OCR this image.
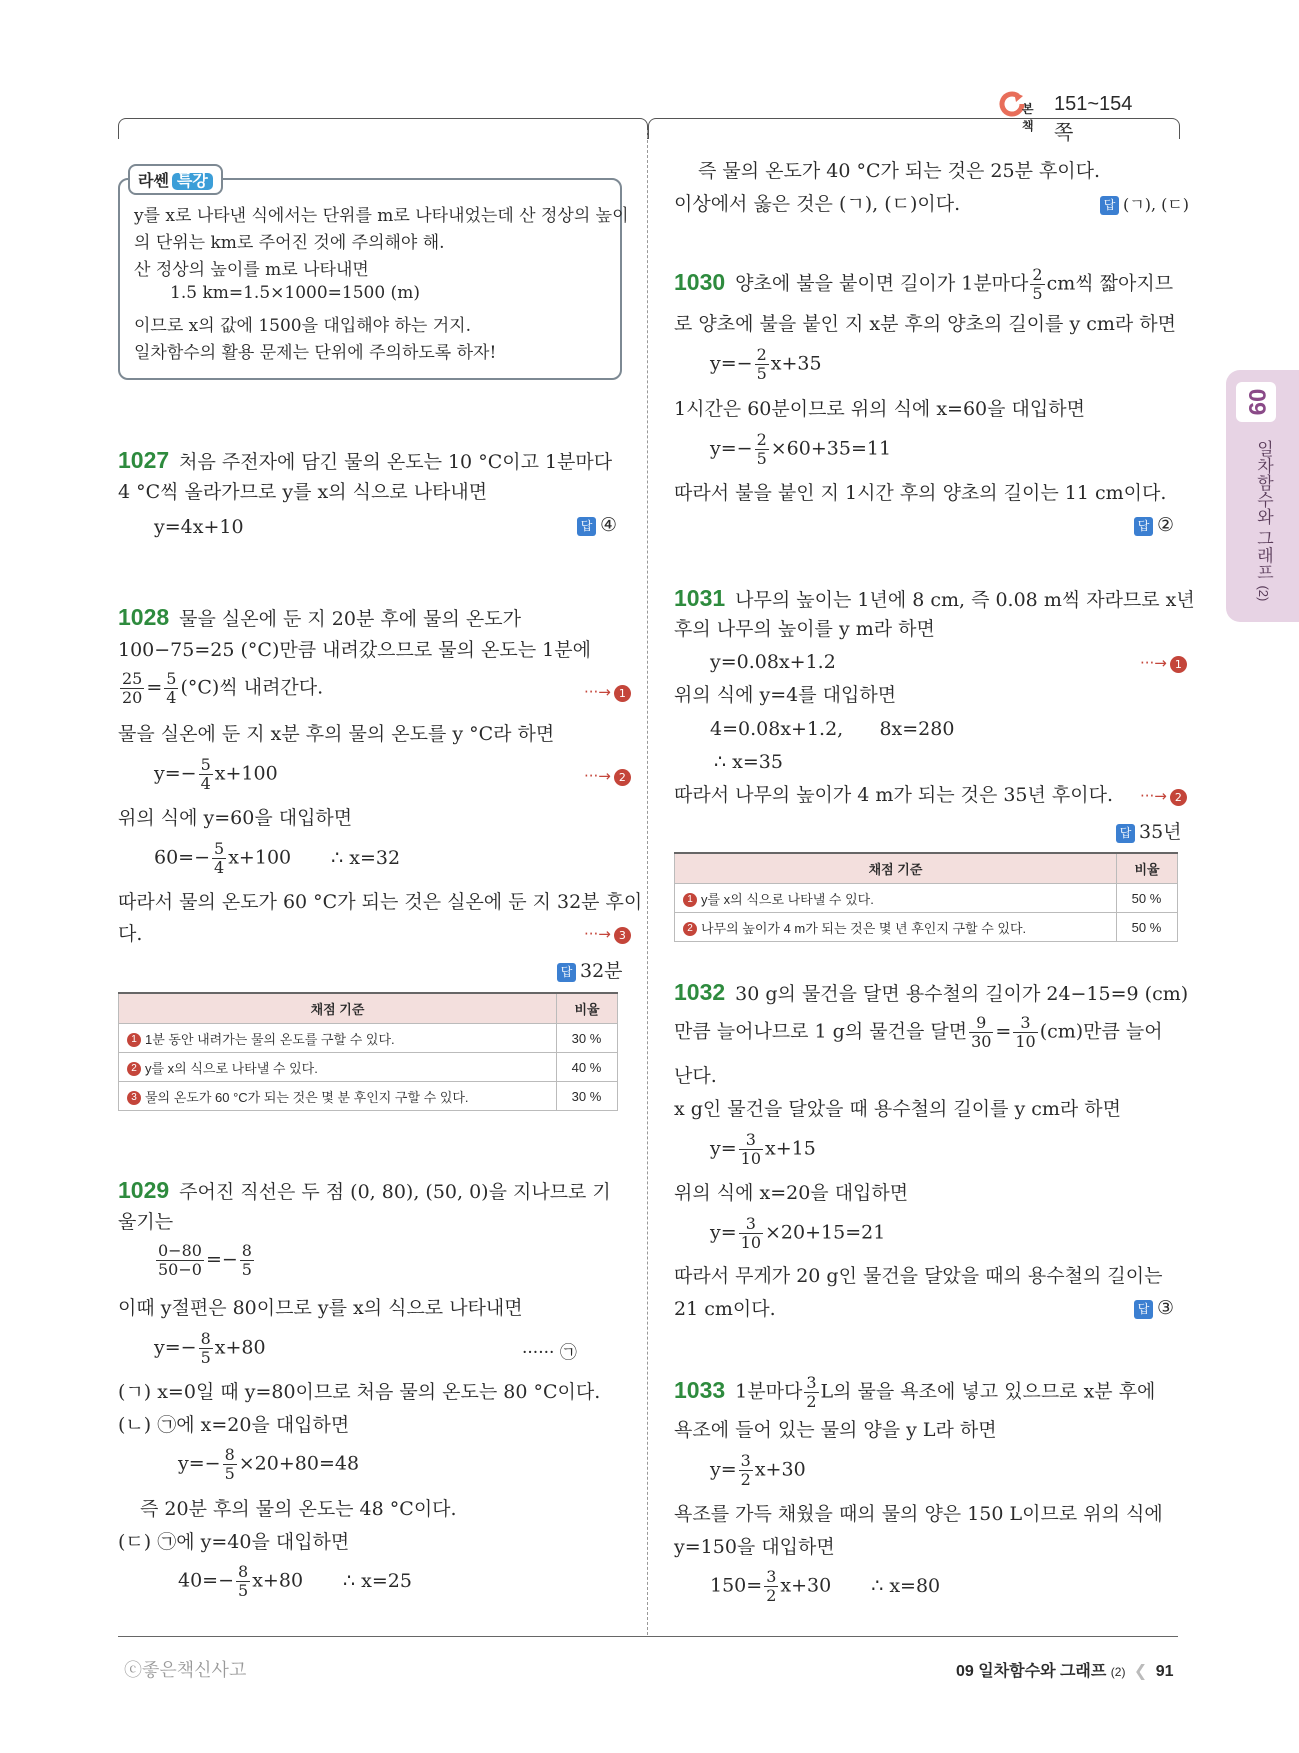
본책
151~154쪽
09
일차함수와 그래프 (2)
라쎈 특강
y를 x로 나타낸 식에서는 단위를 m로 나타내었는데 산 정상의 높이
의 단위는 km로 주어진 것에 주의해야 해.
산 정상의 높이를 m로 나타내면
1.5 km=1.5×1000=1500 (m)
이므로 x의 값에 1500을 대입해야 하는 거지.
일차함수의 활용 문제는 단위에 주의하도록 하자!
1027 처음 주전자에 담긴 물의 온도는 10 °C이고 1분마다
4 °C씩 올라가므로 y를 x의 식으로 나타내면
y=4x+10	답 ④
1028 물을 실온에 둔 지 20분 후에 물의 온도가
100−75=25 (°C)만큼 내려갔으므로 물의 온도는 1분에
$\frac{25}{20} = \frac{5}{4} (^\circ C)$씩 내려간다.	···→ 1
물을 실온에 둔 지 x분 후의 물의 온도를 y °C라 하면
$y=- \frac{5}{4} x+100$	···→ 2
위의 식에 y=60을 대입하면
$60=- \frac{5}{4} x+100$ ∴ x=32
따라서 물의 온도가 60 °C가 되는 것은 실온에 둔 지 32분 후이
다.	···→ 3
답 32분
채점 기준	비율
1 1분 동안 내려가는 물의 온도를 구할 수 있다.	30 %
2 y를 x의 식으로 나타낼 수 있다.	40 %
3 물의 온도가 60 °C가 되는 것은 몇 분 후인지 구할 수 있다.	30 %
1029 주어진 직선은 두 점 (0, 80), (50, 0)을 지나므로 기
울기는
$\frac{0-80}{50-0} =- \frac{8}{5}$
이때 y절편은 80이므로 y를 x의 식으로 나타내면
$y=- \frac{8}{5} x+80$	······ ㉠
(ㄱ) x=0일 때 y=80이므로 처음 물의 온도는 80 °C이다.
(ㄴ) ㉠에 x=20을 대입하면
$y=- \frac{8}{5} \times 20+80=48$
즉 20분 후의 물의 온도는 48 °C이다.
(ㄷ) ㉠에 y=40을 대입하면
$40=- \frac{8}{5} x+80$ ∴ x=25
즉 물의 온도가 40 °C가 되는 것은 25분 후이다.
이상에서 옳은 것은 (ㄱ), (ㄷ)이다.	답 (ㄱ), (ㄷ)
1030 양초에 불을 붙이면 길이가 1분마다 $\frac{2}{5}$ cm씩 짧아지므
로 양초에 불을 붙인 지 x분 후의 양초의 길이를 y cm라 하면
$y=- \frac{2}{5} x+35$
1시간은 60분이므로 위의 식에 x=60을 대입하면
$y=- \frac{2}{5} \times 60+35=11$
따라서 불을 붙인 지 1시간 후의 양초의 길이는 11 cm이다.
답 ②
1031 나무의 높이는 1년에 8 cm, 즉 0.08 m씩 자라므로 x년
후의 나무의 높이를 y m라 하면
y=0.08x+1.2	···→ 1
위의 식에 y=4를 대입하면
4=0.08x+1.2,      8x=280
∴ x=35
따라서 나무의 높이가 4 m가 되는 것은 35년 후이다. ···→ 2
답 35년
채점 기준	비율
1 y를 x의 식으로 나타낼 수 있다.	50 %
2 나무의 높이가 4 m가 되는 것은 몇 년 후인지 구할 수 있다.	50 %
1032 30 g의 물건을 달면 용수철의 길이가 24−15=9 (cm)
만큼 늘어나므로 1 g의 물건을 달면 $\frac{9}{30} = \frac{3}{10} (cm)$만큼 늘어
난다.
x g인 물건을 달았을 때 용수철의 길이를 y cm라 하면
$y= \frac{3}{10} x+15$
위의 식에 x=20을 대입하면
$y= \frac{3}{10} \times 20+15=21$
따라서 무게가 20 g인 물건을 달았을 때의 용수철의 길이는
21 cm이다.	답 ③
1033 1분마다 $\frac{3}{2}$ L의 물을 욕조에 넣고 있으므로 x분 후에
욕조에 들어 있는 물의 양을 y L라 하면
$y= \frac{3}{2} x+30$
욕조를 가득 채웠을 때의 물의 양은 150 L이므로 위의 식에
y=150을 대입하면
$150= \frac{3}{2} x+30$ ∴ x=80
ⓒ좋은책신사고	09 일차함수와 그래프 (2) ❮ 91
